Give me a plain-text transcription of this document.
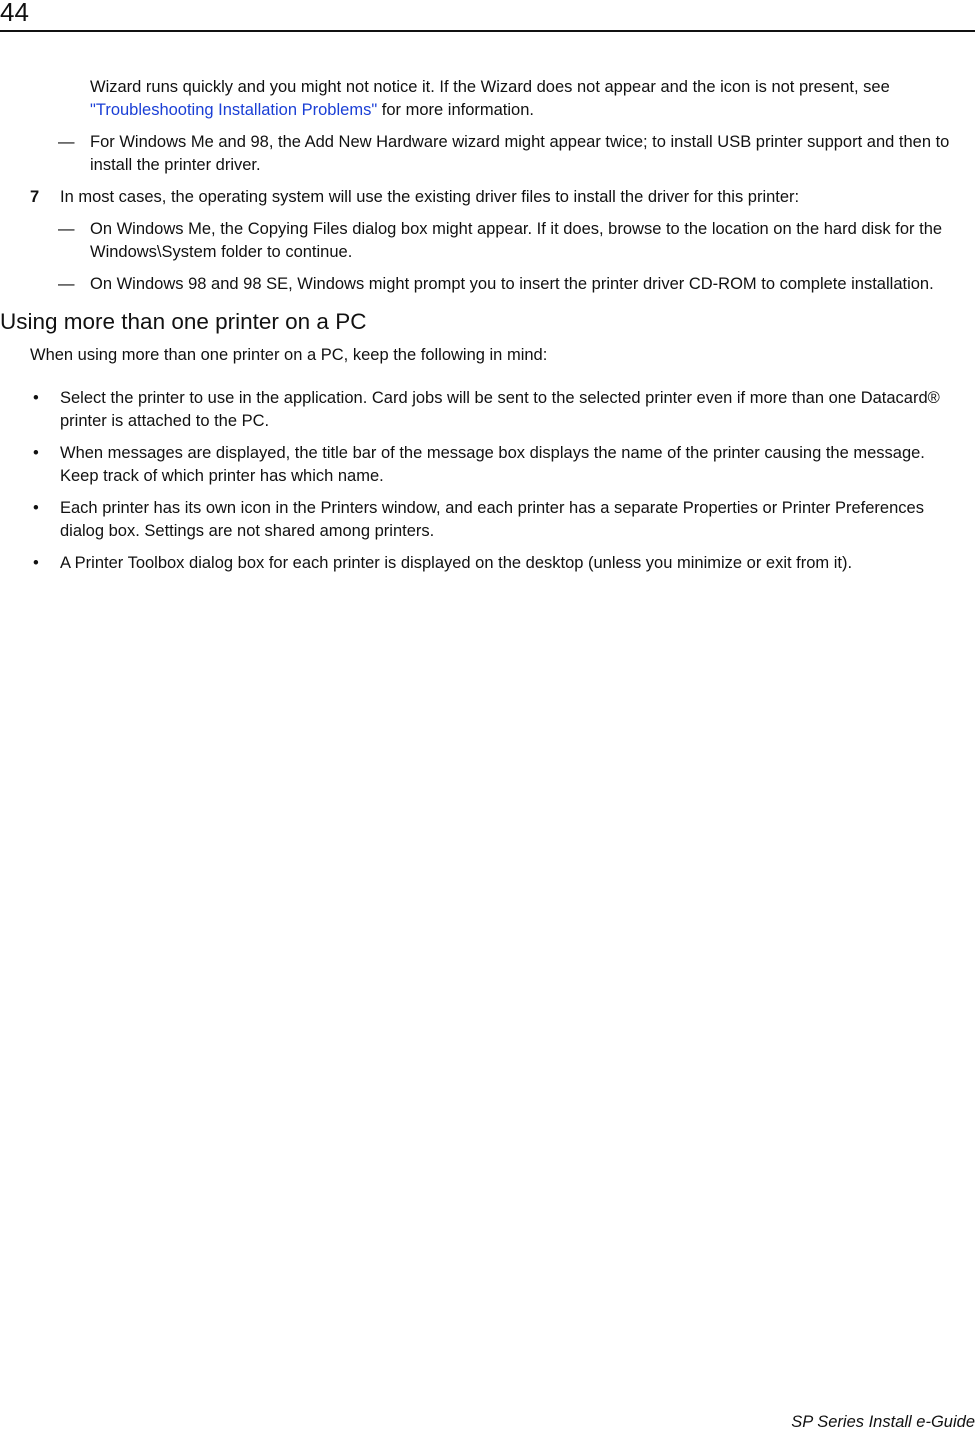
44
Wizard runs quickly and you might not notice it. If the Wizard does not appear and the icon is not present, see "Troubleshooting Installation Problems" for more information.
— For Windows Me and 98, the Add New Hardware wizard might appear twice; to install USB printer support and then to install the printer driver.
7 In most cases, the operating system will use the existing driver files to install the driver for this printer:
— On Windows Me, the Copying Files dialog box might appear. If it does, browse to the location on the hard disk for the Windows\System folder to continue.
— On Windows 98 and 98 SE, Windows might prompt you to insert the printer driver CD-ROM to complete installation.
Using more than one printer on a PC
When using more than one printer on a PC, keep the following in mind:
• Select the printer to use in the application. Card jobs will be sent to the selected printer even if more than one Datacard® printer is attached to the PC.
• When messages are displayed, the title bar of the message box displays the name of the printer causing the message. Keep track of which printer has which name.
• Each printer has its own icon in the Printers window, and each printer has a separate Properties or Printer Preferences dialog box. Settings are not shared among printers.
• A Printer Toolbox dialog box for each printer is displayed on the desktop (unless you minimize or exit from it).
SP Series Install e-Guide
